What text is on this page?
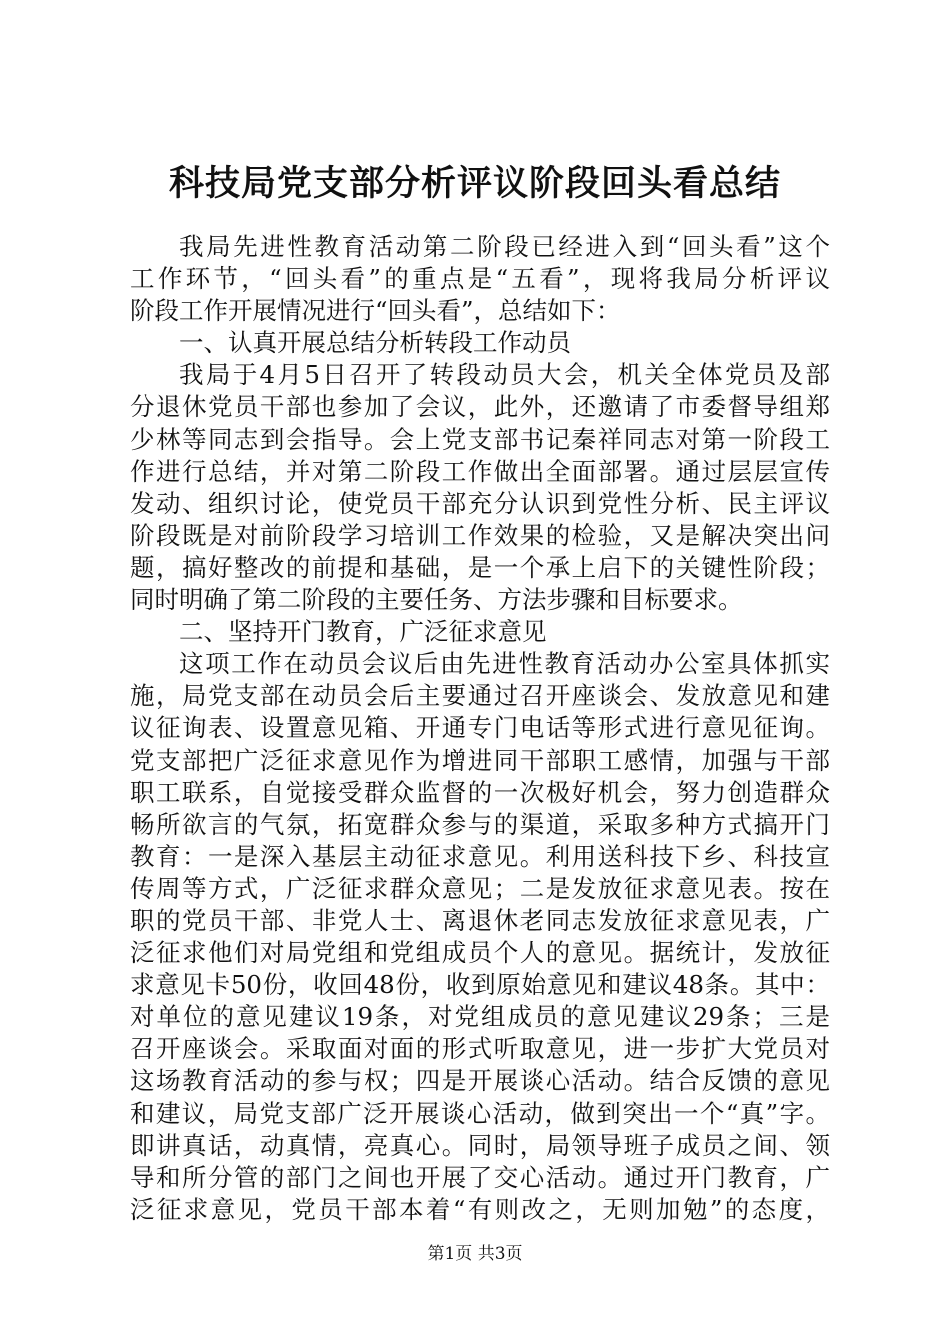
科技局党支部分析评议阶段回头看总结
我局先进性教育活动第二阶段已经进入到“回头看”这个
工作环节，“回头看”的重点是“五看”，现将我局分析评议
阶段工作开展情况进行“回头看”，总结如下：
一、认真开展总结分析转段工作动员
我局于4月5日召开了转段动员大会，机关全体党员及部
分退休党员干部也参加了会议，此外，还邀请了市委督导组郑
少林等同志到会指导。会上党支部书记秦祥同志对第一阶段工
作进行总结，并对第二阶段工作做出全面部署。通过层层宣传
发动、组织讨论，使党员干部充分认识到党性分析、民主评议
阶段既是对前阶段学习培训工作效果的检验，又是解决突出问
题，搞好整改的前提和基础，是一个承上启下的关键性阶段；
同时明确了第二阶段的主要任务、方法步骤和目标要求。
二、坚持开门教育，广泛征求意见
这项工作在动员会议后由先进性教育活动办公室具体抓实
施，局党支部在动员会后主要通过召开座谈会、发放意见和建
议征询表、设置意见箱、开通专门电话等形式进行意见征询。
党支部把广泛征求意见作为增进同干部职工感情，加强与干部
职工联系，自觉接受群众监督的一次极好机会，努力创造群众
畅所欲言的气氛，拓宽群众参与的渠道，采取多种方式搞开门
教育：一是深入基层主动征求意见。利用送科技下乡、科技宣
传周等方式，广泛征求群众意见；二是发放征求意见表。按在
职的党员干部、非党人士、离退休老同志发放征求意见表，广
泛征求他们对局党组和党组成员个人的意见。据统计，发放征
求意见卡50份，收回48份，收到原始意见和建议48条。其中：
对单位的意见建议19条，对党组成员的意见建议29条；三是
召开座谈会。采取面对面的形式听取意见，进一步扩大党员对
这场教育活动的参与权；四是开展谈心活动。结合反馈的意见
和建议，局党支部广泛开展谈心活动，做到突出一个“真”字。
即讲真话，动真情，亮真心。同时，局领导班子成员之间、领
导和所分管的部门之间也开展了交心活动。通过开门教育，广
泛征求意见，党员干部本着“有则改之，无则加勉”的态度，
第1页 共3页
